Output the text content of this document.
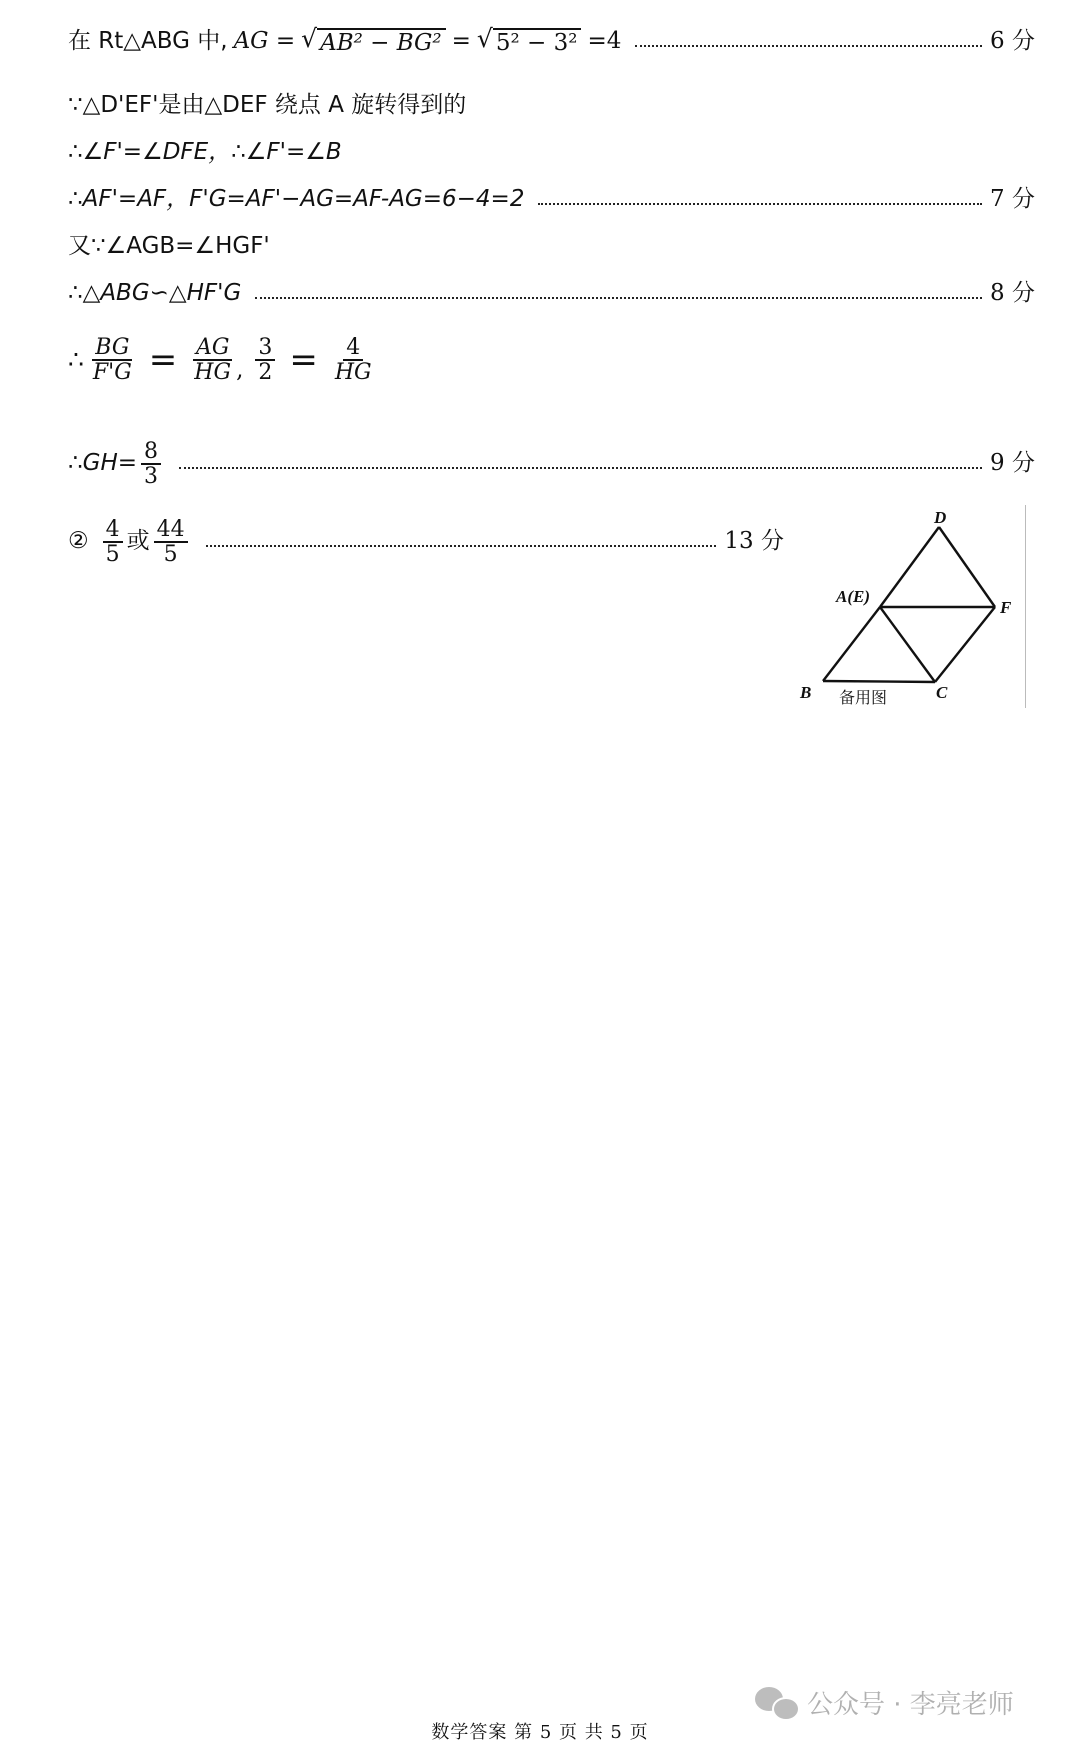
在 Rt△ABG 中, AG = √ AB² − BG² = √ 5² − 3² =4	6 分
∵△D'EF'是由△DEF 绕点 A 旋转得到的
∴∠F'=∠DFE，∴∠F'=∠B
∴AF'=AF，F'G=AF'−AG=AF-AG=6−4=2	7 分
又∵∠AGB=∠HGF'
∴△ABG∽△HF'G	8 分
∴ $\frac{BG}{F'G} = \frac{AG}{HG}$ , $\frac{3}{2} = \frac{4}{HG}$
∴GH= $\frac{8}{3}$	9 分
② $\frac{4}{5}$ 或 $\frac{44}{5}$	13 分
D
A(E)
F
B	C
备用图
公众号 · 李亮老师
数学答案 第 5 页 共 5 页
